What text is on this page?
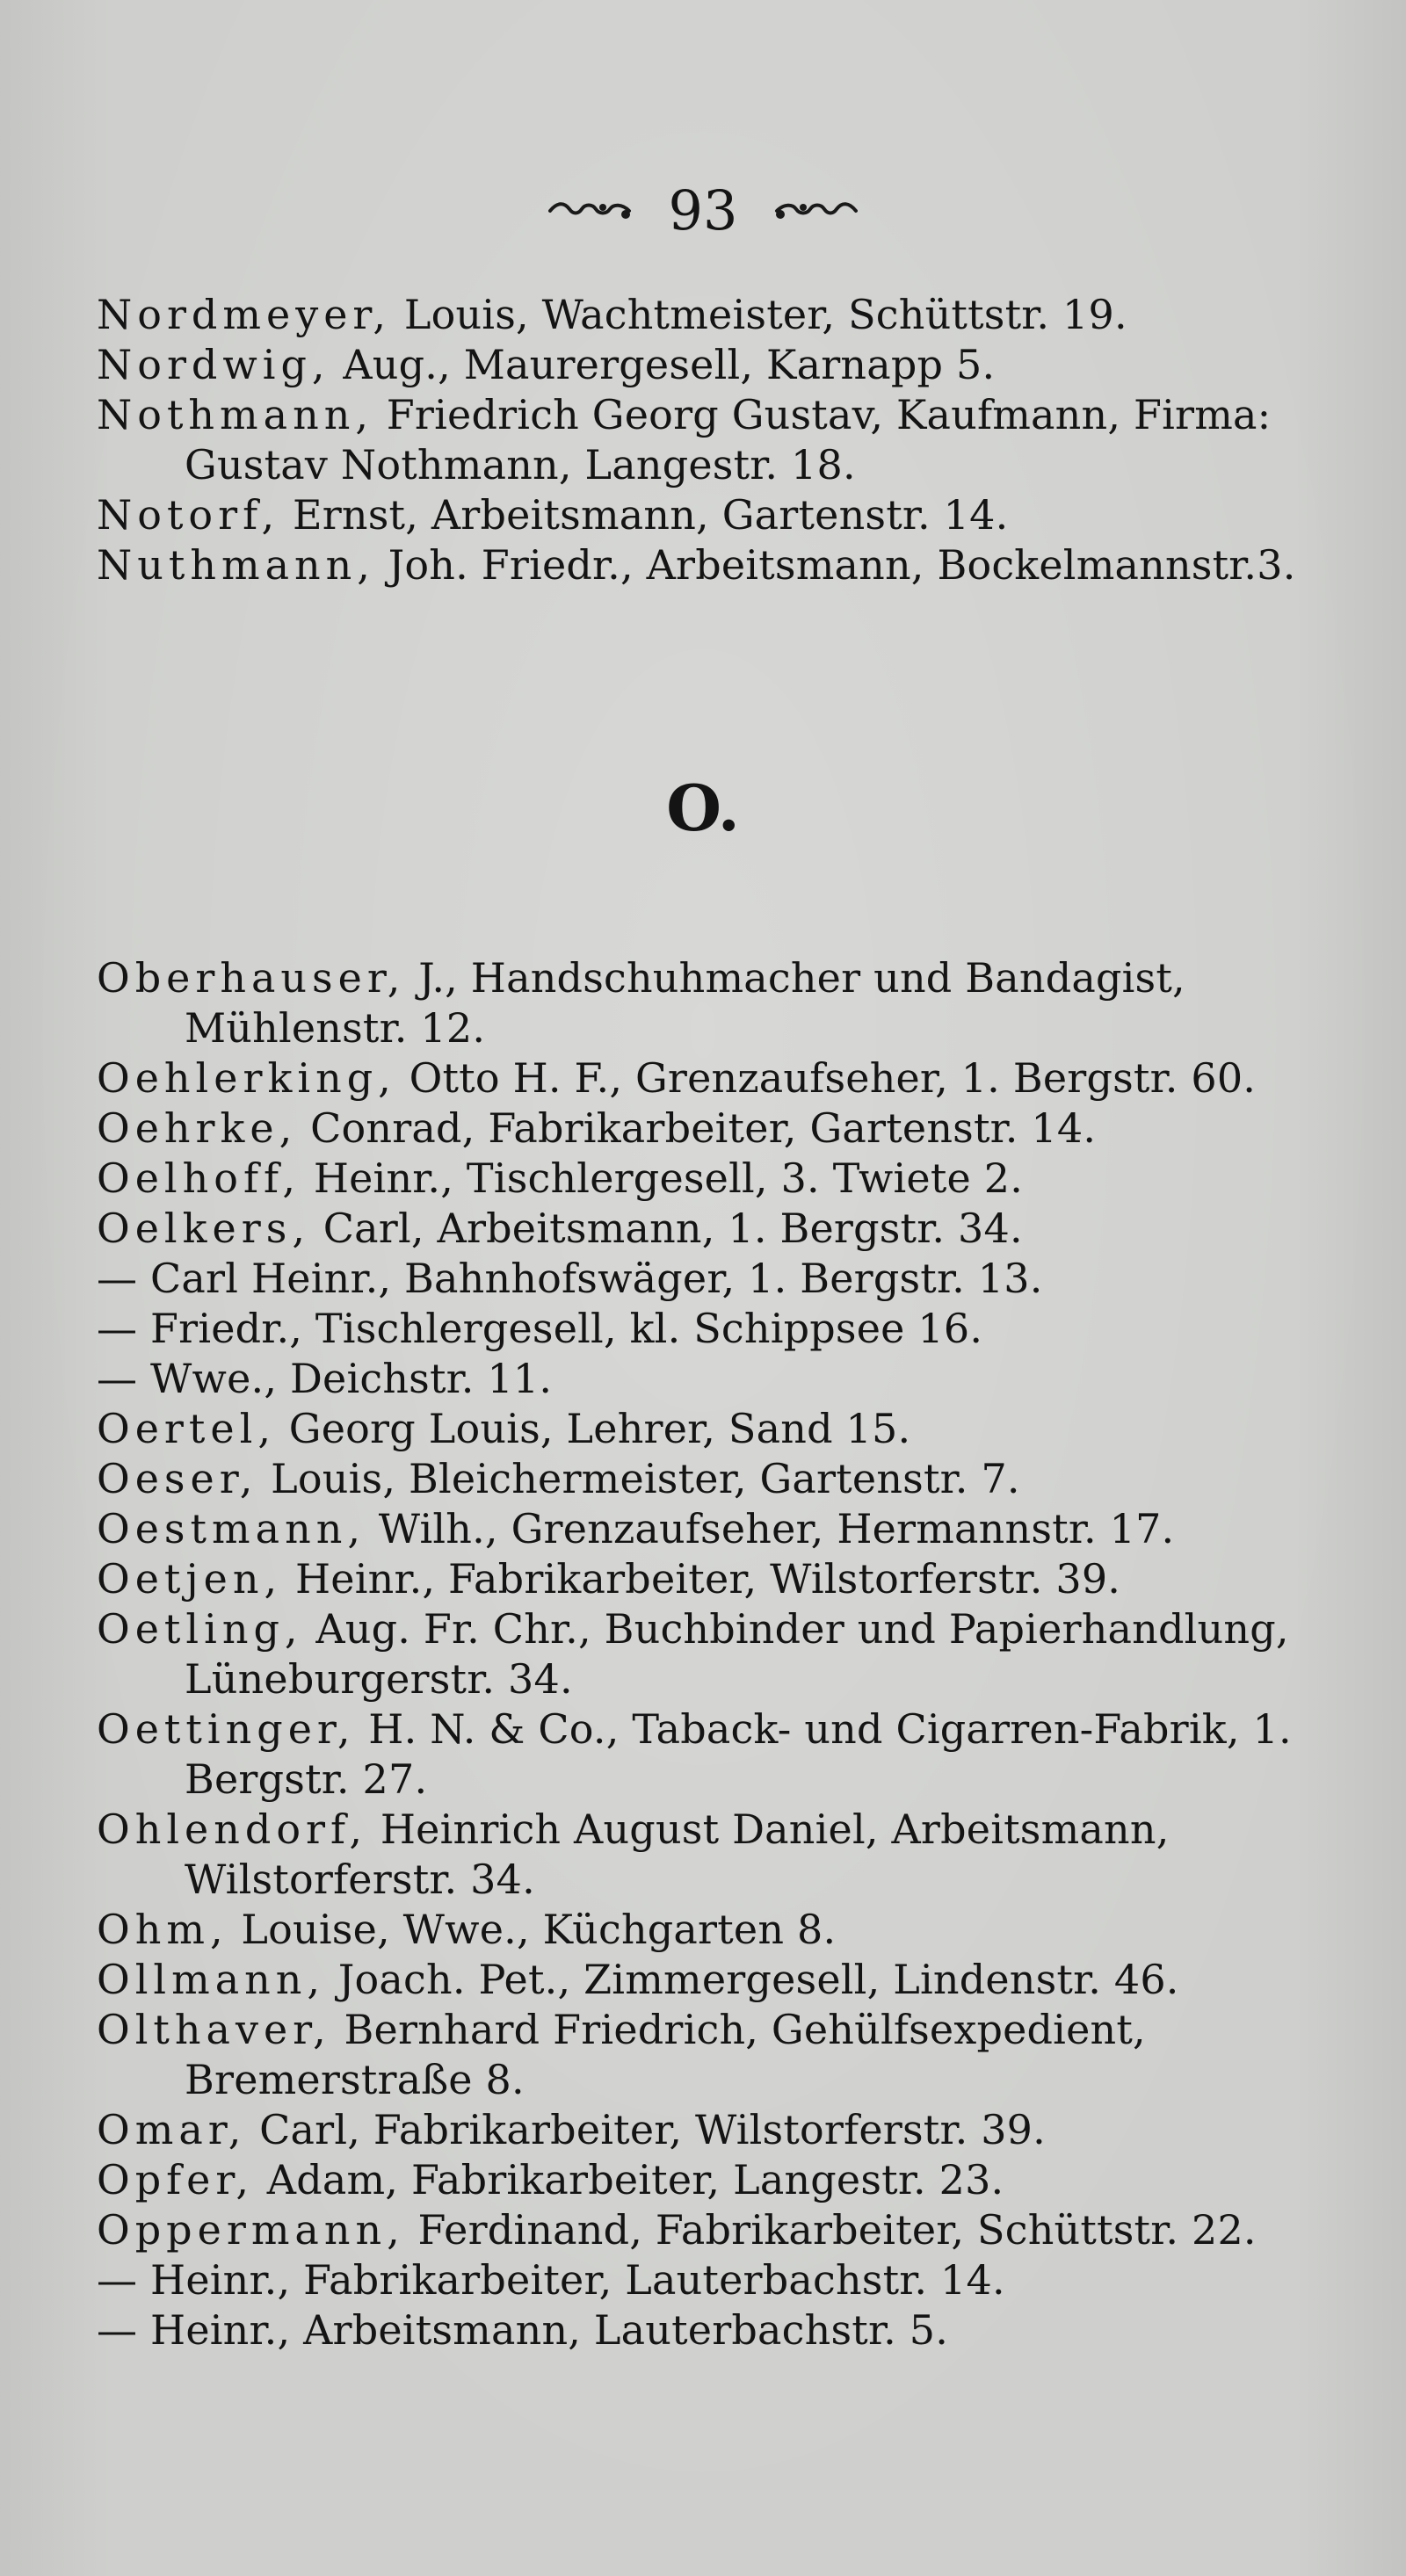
93

Nordmeyer, Louis, Wachtmeister, Schüttstr. 19.

Nordwig, Aug., Maurergesell, Karnapp 5.

Nothmann, Friedrich Georg Gustav, Kaufmann, Firma: Gustav Nothmann, Langestr. 18.

Notorf, Ernst, Arbeitsmann, Gartenstr. 14.

Nuthmann, Joh. Friedr., Arbeitsmann, Bockelmannstr.3.

O.

Oberhauser, J., Handschuhmacher und Bandagist, Mühlenstr. 12.

Oehlerking, Otto H. F., Grenzaufseher, 1. Bergstr. 60.

Oehrke, Conrad, Fabrikarbeiter, Gartenstr. 14.

Oelhoff, Heinr., Tischlergesell, 3. Twiete 2.

Oelkers, Carl, Arbeitsmann, 1. Bergstr. 34.

— Carl Heinr., Bahnhofswäger, 1. Bergstr. 13.

— Friedr., Tischlergesell, kl. Schippsee 16.

— Wwe., Deichstr. 11.

Oertel, Georg Louis, Lehrer, Sand 15.

Oeser, Louis, Bleichermeister, Gartenstr. 7.

Oestmann, Wilh., Grenzaufseher, Hermannstr. 17.

Oetjen, Heinr., Fabrikarbeiter, Wilstorferstr. 39.

Oetling, Aug. Fr. Chr., Buchbinder und Papierhandlung, Lüneburgerstr. 34.

Oettinger, H. N. & Co., Taback- und Cigarren-Fabrik, 1. Bergstr. 27.

Ohlendorf, Heinrich August Daniel, Arbeitsmann, Wilstorferstr. 34.

Ohm, Louise, Wwe., Küchgarten 8.

Ollmann, Joach. Pet., Zimmergesell, Lindenstr. 46.

Olthaver, Bernhard Friedrich, Gehülfsexpedient, Bremerstraße 8.

Omar, Carl, Fabrikarbeiter, Wilstorferstr. 39.

Opfer, Adam, Fabrikarbeiter, Langestr. 23.

Oppermann, Ferdinand, Fabrikarbeiter, Schüttstr. 22.

— Heinr., Fabrikarbeiter, Lauterbachstr. 14.

— Heinr., Arbeitsmann, Lauterbachstr. 5.
